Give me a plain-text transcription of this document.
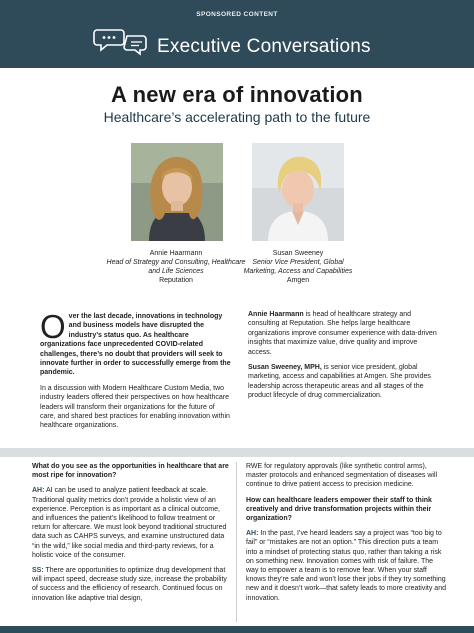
SPONSORED CONTENT
Executive Conversations
A new era of innovation
Healthcare’s accelerating path to the future
Annie Haarmann
Head of Strategy and Consulting, Healthcare and Life Sciences
Reputation
Susan Sweeney
Senior Vice President, Global Marketing, Access and Capabilities
Amgen

Over the last decade, innovations in technology and business models have disrupted the industry’s status quo. As healthcare organizations face unprecedented COVID-related challenges, there’s no doubt that providers will seek to innovate further in order to successfully emerge from the pandemic.

In a discussion with Modern Healthcare Custom Media, two industry leaders offered their perspectives on how healthcare leaders will transform their organizations for the future of care, and shared best practices for enabling innovation within healthcare organizations.

Annie Haarmann is head of healthcare strategy and consulting at Reputation. She helps large healthcare organizations improve consumer experience with data-driven insights that maximize value, drive quality and improve access.

Susan Sweeney, MPH, is senior vice president, global marketing, access and capabilities at Amgen. She provides leadership across therapeutic areas and all stages of the product lifecycle of drug commercialization.

What do you see as the opportunities in healthcare that are most ripe for innovation?

AH: AI can be used to analyze patient feedback at scale. Traditional quality metrics don’t provide a holistic view of an experience. Perception is as important as a clinical outcome, and influences the patient’s likelihood to follow treatment or return for aftercare. We must look beyond traditional structured data such as CAHPS surveys, and examine unstructured data “in the wild,” like social media and third-party reviews, for a holistic voice of the consumer.

SS: There are opportunities to optimize drug development that will impact speed, decrease study size, increase the probability of success and the efficiency of research. Continued focus on innovation like adaptive trial design,

RWE for regulatory approvals (like synthetic control arms), master protocols and enhanced segmentation of diseases will continue to drive patient access to precision medicine.

How can healthcare leaders empower their staff to think creatively and drive transformation projects within their organization?

AH: In the past, I’ve heard leaders say a project was “too big to fail” or “mistakes are not an option.” This direction puts a team into a mindset of protecting status quo, rather than taking a risk on something new. Innovation comes with risk of failure. The way to empower a team is to remove fear. When your staff knows they’re safe and won’t lose their jobs if they try something new and it doesn’t work—that safety leads to more creativity and innovation.
